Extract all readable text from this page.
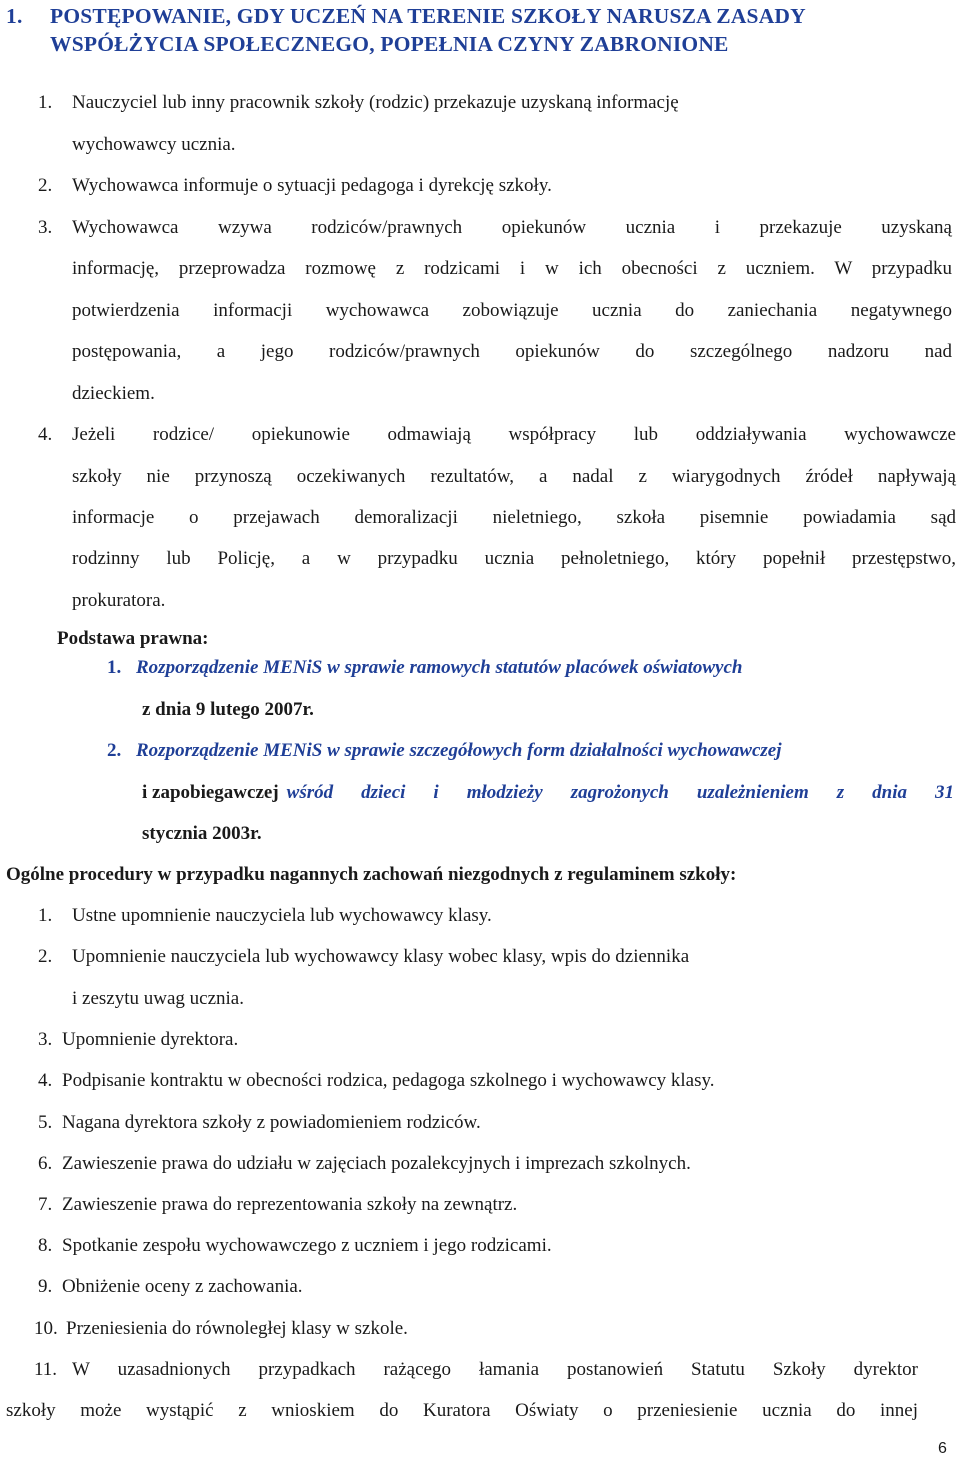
1. POSTĘPOWANIE, GDY UCZEŃ NA TERENIE SZKOŁY NARUSZA ZASADY
WSPÓŁŻYCIA SPOŁECZNEGO, POPEŁNIA CZYNY ZABRONIONE
1. Nauczyciel lub inny pracownik szkoły (rodzic) przekazuje uzyskaną informację
wychowawcy ucznia.
2. Wychowawca informuje o sytuacji pedagoga i dyrekcję szkoły.
3. Wychowawca wzywa rodziców/prawnych opiekunów ucznia i przekazuje uzyskaną
informację, przeprowadza rozmowę z rodzicami i w ich obecności z uczniem. W przypadku
potwierdzenia informacji wychowawca zobowiązuje ucznia do zaniechania negatywnego
postępowania, a jego rodziców/prawnych opiekunów do szczególnego nadzoru nad
dzieckiem.
4. Jeżeli rodzice/ opiekunowie odmawiają współpracy lub oddziaływania wychowawcze
szkoły nie przynoszą oczekiwanych rezultatów, a nadal z wiarygodnych źródeł napływają
informacje o przejawach demoralizacji nieletniego, szkoła pisemnie powiadamia sąd
rodzinny lub Policję, a w przypadku ucznia pełnoletniego, który popełnił przestępstwo,
prokuratora.
Podstawa prawna:
1. Rozporządzenie MENiS w sprawie ramowych statutów placówek oświatowych
z dnia 9 lutego 2007r.
2. Rozporządzenie MENiS w sprawie szczegółowych form działalności wychowawczej
i zapobiegawczej wśród dzieci i młodzieży zagrożonych uzależnieniem z dnia 31
stycznia 2003r.
Ogólne procedury w przypadku nagannych zachowań niezgodnych z regulaminem szkoły:
1. Ustne upomnienie nauczyciela lub wychowawcy klasy.
2. Upomnienie nauczyciela lub wychowawcy klasy wobec klasy, wpis do dziennika
i zeszytu uwag ucznia.
3. Upomnienie dyrektora.
4. Podpisanie kontraktu w obecności rodzica, pedagoga szkolnego i wychowawcy klasy.
5. Nagana dyrektora szkoły z powiadomieniem rodziców.
6. Zawieszenie prawa do udziału w zajęciach pozalekcyjnych i imprezach szkolnych.
7. Zawieszenie prawa do reprezentowania szkoły na zewnątrz.
8. Spotkanie zespołu wychowawczego z uczniem i jego rodzicami.
9. Obniżenie oceny z zachowania.
10. Przeniesienia do równoległej klasy w szkole.
11. W uzasadnionych przypadkach rażącego łamania postanowień Statutu Szkoły dyrektor
szkoły może wystąpić z wnioskiem do Kuratora Oświaty o przeniesienie ucznia do innej
6
